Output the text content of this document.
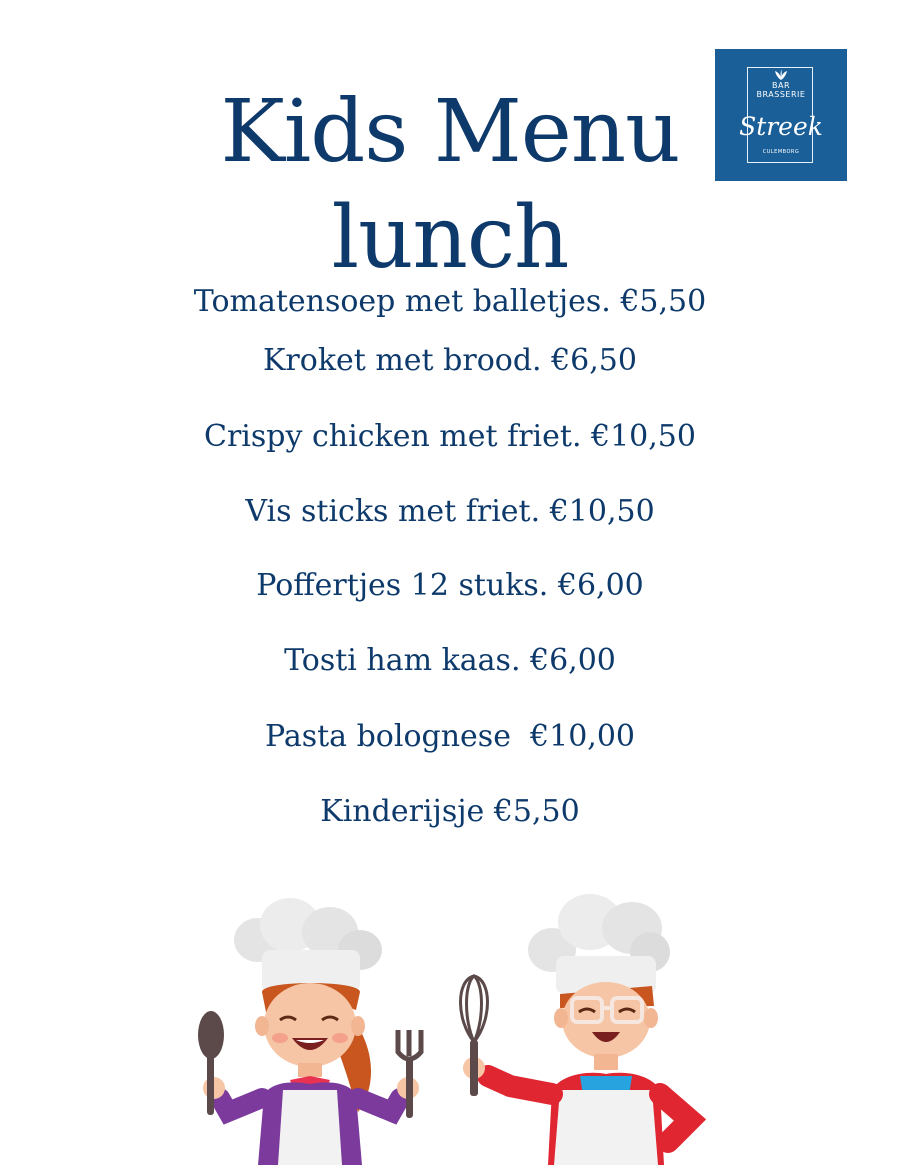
Kids Menu
lunch
BAR
BRASSERIE
Streek
CULEMBORG
Tomatensoep met balletjes. €5,50
Kroket met brood. €6,50
Crispy chicken met friet. €10,50
Vis sticks met friet. €10,50
Poffertjes 12 stuks. €6,00
Tosti ham kaas. €6,00
Pasta bolognese  €10,00
Kinderijsje €5,50
